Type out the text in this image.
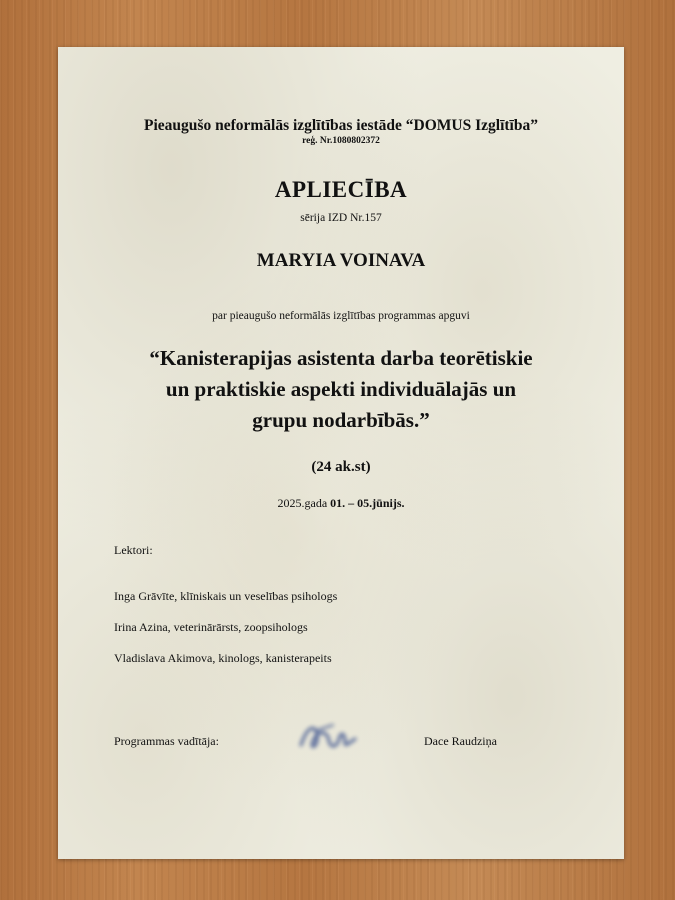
Pieaugušo neformālās izglītības iestāde “DOMUS Izglītība”
reģ. Nr.1080802372
APLIECĪBA
sērija IZD Nr.157
MARYIA VOINAVA
par pieaugušo neformālās izglītības programmas apguvi
“Kanisterapijas asistenta darba teorētiskie
un praktiskie aspekti individuālajās un
grupu nodarbībās.”
(24 ak.st)
2025.gada 01. – 05.jūnijs.
Lektori:
Inga Grāvīte, klīniskais un veselības psihologs
Irina Azina, veterinārārsts, zoopsihologs
Vladislava Akimova, kinologs, kanisterapeits
Programmas vadītāja:	Dace Raudziņa
